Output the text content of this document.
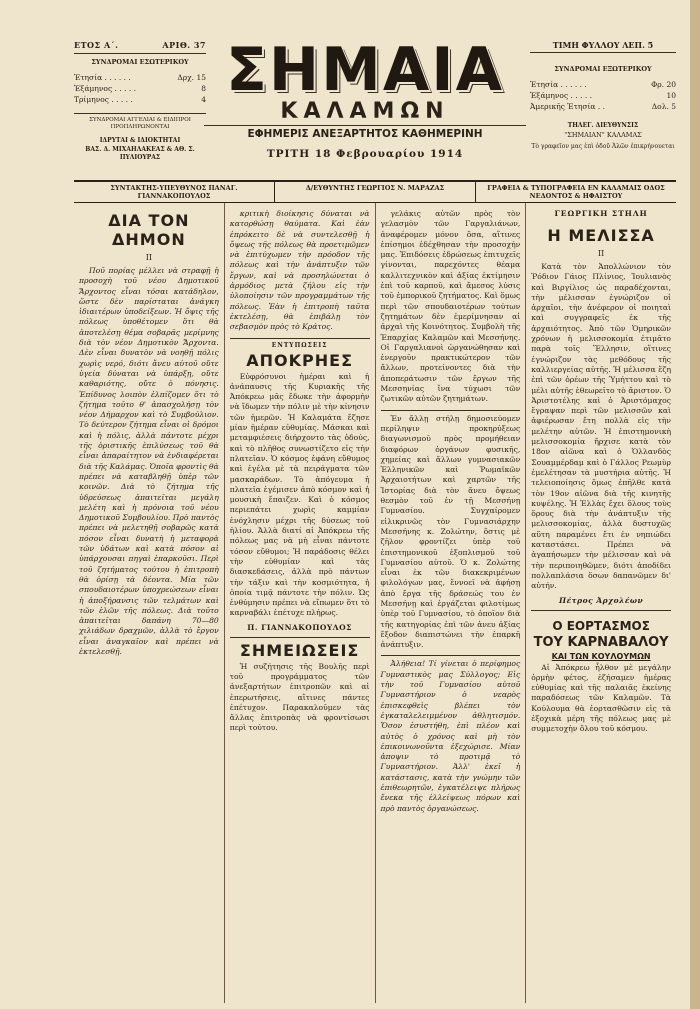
ΕΤΟΣ Α΄.	ΑΡΙΘ. 37
ΣΥΝΔΡΟΜΑΙ ΕΣΩΤΕΡΙΚΟΥ
Ἐτησία . . . . . .	Δρχ. 15
Ἑξάμηνος . . . . .	8
Τρίμηνος . . . . .	4
ΣΥΝΔΡΟΜΑΙ ΑΓΓΕΛΙΑΙ & ΕΙΔΙΠΡΟΙ ΠΡΟΠΛΗΡΩΝΟΝΤΑΙ
ΙΔΡΥΤΑΙ & ΙΔΙΟΚΤΗΤΑΙ
ΒΑΣ. Δ. ΜΙΧΑΗΛΑΚΕΑΣ & ΑΘ. Σ. ΠΥΛΙΟΥΡΑΣ
ΣΗΜΑΙΑ
ΚΑΛΑΜΩΝ
ΕΦΗΜΕΡΙΣ ΑΝΕΞΑΡΤΗΤΟΣ ΚΑΘΗΜΕΡΙΝΗ
ΤΡΙΤΗ 18 Φεβρουαρίου 1914
ΤΙΜΗ ΦΥΛΛΟΥ ΛΕΠ. 5
ΣΥΝΔΡΟΜΑΙ ΕΞΩΤΕΡΙΚΟΥ
Ἐτησία . . . . . .	Φρ. 20
Ἑξάμηνος . . . . .	10
Ἀμερικῆς Ἐτησία . .	Δολ. 5
ΤΗΛΕΓ. ΔΙΕΥΘΥΝΣΙΣ
"ΣΗΜΑΙΑΝ" ΚΑΛΑΜΑΣ
Τὸ γραφεῖον μας ἐπὶ ὁδοῦ Ἀλῶν ἐπικρήνουεται
ΣΥΝΤΑΚΤΗΣ-ΥΠΕΥΘΥΝΟΣ ΠΑΝΑΓ. ΓΙΑΝΝΑΚΟΠΟΥΛΟΣ
Δ/ΕΥΘΥΝΤΗΣ ΓΕΩΡΓΙΟΣ Ν. ΜΑΡΑΖΑΣ	ΓΡΑΦΕΙΑ & ΤΥΠΟΓΡΑΦΕΙΑ ΕΝ ΚΑΛΑΜΑΙΣ ΟΔΟΣ ΝΕΔΟΝΤΟΣ & ΗΦΑΙΣΤΟΥ
ΔΙΑ ΤΟΝ ΔΗΜΟΝ
II

Ποῦ πορίας μέλλει νὰ στραφῇ ἡ προσοχὴ τοῦ νέου Δημοτικοῦ Ἄρχοντος εἶναι τόσαι κατάδηλον, ὥστε δὲν παρίσταται ἀνάγκη ἰδιαιτέρων ὑποδείξεων. Ἡ ὄψις τῆς πόλεως ὑποθέτομεν ὅτι θὰ ἀποτελέσῃ θέμα σοβαρᾶς μερίμνης διὰ τὸν νέον Δημοτικὸν Ἄρχοντα. Δὲν εἶναι δυνατὸν νὰ νοηθῇ πόλις χωρὶς νερό, διότι ἄνευ αὐτοῦ οὔτε ὑγεία δύναται νὰ ὑπάρξῃ, οὔτε καθαριότης, οὔτε ὁ πόνησις. Ἐπίδυνος λοιπὸν ἐλπίζομεν ὅτι τὸ ζήτημα τοῦτο θ' ἀπασχολήσῃ τὸν νέον Δήμαρχον καὶ τὸ Συμβούλιον. Τὸ δεύτερον ζήτημα εἶναι οἱ δρόμοι καὶ ἡ πόλις, ἀλλὰ πάντοτε μέχρι τῆς ὁριστικῆς ἐπιλύσεως τοῦ θὰ εἶναι ἀπαραίτητον νὰ ἐνδιαφέρεται διὰ τῆς Καλάμας. Ὁποῖα φροντὶς θὰ πρέπει νὰ καταβληθῇ ὑπὲρ τῶν κοινῶν. Διὰ τὸ ζήτημα τῆς ὑδρεύσεως ἀπαιτεῖται μεγάλη μελέτη καὶ ἡ πρόνοια τοῦ νέου Δημοτικοῦ Συμβουλίου. Πρὸ παντὸς πρέπει νὰ μελετηθῇ σοβαρῶς κατὰ πόσον εἶναι δυνατὴ ἡ μεταφορὰ τῶν ὑδάτων καὶ κατὰ πόσον αἱ ὑπάρχουσαι πηγαὶ ἐπαρκοῦσι. Περὶ τοῦ ζητήματος τούτου ἡ ἐπιτροπὴ θὰ ὁρίσῃ τὰ δέοντα. Μία τῶν σπουδαιοτέρων ὑποχρεώσεων εἶναι ἡ ἀποξήρανσις τῶν τελμάτων καὶ τῶν ἑλῶν τῆς πόλεως. Διὰ τοῦτο ἀπαιτεῖται δαπάνη 70—80 χιλιάδων δραχμῶν, ἀλλὰ τὸ ἔργον εἶναι ἀναγκαῖον καὶ πρέπει νὰ ἐκτελεσθῇ.

κριτικὴ διοίκησις δύναται νὰ κατορθώσῃ θαύματα. Καὶ ἐὰν ἐπρόκειτο δὲ νὰ συντελεσθῇ ἡ ὄψεως τῆς πόλεως θὰ προετιμῶμεν νὰ ἐπιτύχωμεν τὴν πρόοδον τῆς πόλεως καὶ τὴν ἀνάπτυξιν τῶν ἔργων, καὶ νὰ προσηλώνεται ὁ ἀρμόδιος μετὰ ζήλου εἰς τὴν ὑλοποίησιν τῶν προγραμμάτων τῆς πόλεως. Ἐὰν ἡ ἐπιτροπὴ ταῦτα ἐκτελέσῃ, θὰ ἐπιβάλῃ τὸν σεβασμὸν πρὸς τὸ Κράτος.

ΕΝΤΥΠΩΣΕΙΣ
ΑΠΟΚΡΗΕΣ

Εὐφρόσυνοι ἠμέραι καὶ ἡ ἀνάπαυσις τῆς Κυριακῆς τῆς Ἀπόκρεω μᾶς ἔδωκε τὴν ἀφορμὴν νὰ ἴδωμεν τὴν πόλιν μὲ τὴν κίνησιν τῶν ἡμερῶν. Ἡ Καλαμάτα ἔζησε μίαν ἡμέραν εὐθυμίας. Μάσκαι καὶ μεταμφιέσεις διήρχοντο τὰς ὁδούς, καὶ τὸ πλῆθος συνωστίζετο εἰς τὴν πλατεῖαν. Ὁ κόσμος ἐφάνη εὔθυμος καὶ ἐγέλα μὲ τὰ πειράγματα τῶν μασκαράδων. Τὸ ἀπόγευμα ἡ πλατεῖα ἐγέμισεν ἀπὸ κόσμον καὶ ἡ μουσικὴ ἔπαιζεν. Καὶ ὁ κόσμος περιεπάτει χωρὶς καμμίαν ἐνόχλησιν μέχρι τῆς δύσεως τοῦ ἡλίου. Ἀλλὰ διατί αἱ Ἀπόκρεω τῆς πόλεως μας νὰ μὴ εἶναι πάντοτε τόσον εὔθυμοι; Ἡ παράδοσις θέλει τὴν εὐθυμίαν καὶ τὰς διασκεδάσεις, ἀλλὰ πρὸ πάντων τὴν τάξιν καὶ τὴν κοσμιότητα, ἡ ὁποία τιμᾷ πάντοτε τὴν πόλιν. Ὡς ἐνθύμησιν πρέπει νὰ εἴπωμεν ὅτι τὸ καρναβάλι ἐπέτυχε πλήρως.

Π. ΓΙΑΝΝΑΚΟΠΟΥΛΟΣ
ΣΗΜΕΙΩΣΕΙΣ

Ἡ συζήτησις τῆς Βουλῆς περὶ τοῦ προγράμματος τῶν ἀνεξαρτήτων ἐπιτροπῶν καὶ αἱ ἐπερωτήσεις, αἵτινες πάντες ἐπέτυχον. Παρακαλοῦμεν τὰς ἄλλας ἐπιτροπὰς νὰ φροντίσωσι περὶ τούτου.

γελάκις αὐτῶν πρὸς τὸν γελασμὸν τῶν Γαργαλιάνων, ἀναφέρομεν μόνον ὅσα, αἵτινες ἐπίσημοι ἐδέχθησαν τὴν προσοχήν μας. Ἐπιδόσεις ἐδρώσεως ἐπιτυχεῖς γίνονται, παρεχόντες θέαμα καλλιτεχνικὸν καὶ ἀξίας ἐκτίμησιν ἐπὶ τοῦ καρποῦ, καὶ ἄμεσος λύσις τοῦ ἐμπορικοῦ ζητήματος. Καὶ ὅμως περὶ τῶν σπουδαιοτέρων τούτων ζητημάτων δὲν ἐμερίμνησαν αἱ ἀρχαὶ τῆς Κοινότητος. Συμβολὴ τῆς Ἐπαρχίας Καλαμῶν καὶ Μεσσήνης. Οἱ Γαργαλιανοὶ ὡργανώθησαν καὶ ἐνεργοῦν πρακτικώτερον τῶν ἄλλων, προτείνοντες διὰ τὴν ἀποπεράτωσιν τῶν ἔργων τῆς Μεσσηνίας ἵνα τύχωσι τῶν ζωτικῶν αὐτῶν ζητημάτων.

Ἐν ἄλλῃ στήλῃ δημοσιεύομεν περίληψιν προκηρύξεως διαγωνισμοῦ πρὸς προμήθειαν διαφόρων ὀργάνων φυσικῆς, χημείας καὶ ἄλλων γυμνασιακῶν Ἐλληνικῶν καὶ Ῥωμαϊκῶν Ἀρχαιοτήτων καὶ χαρτῶν τῆς Ἱστορίας διὰ τὸν ἄνευ ὄψεως θεσμὸν τοῦ ἐν τῇ Μεσσήνῃ Γυμνασίου. Συγχαίρομεν εἰλικρινῶς τὸν Γυμνασιάρχην Μεσσήνης κ. Ζολώτην, ὅστις μὲ ζῆλον φροντίζει ὑπὲρ τοῦ ἐπιστημονικοῦ ἐξοπλισμοῦ τοῦ Γυμνασίου αὐτοῦ. Ὁ κ. Ζολώτης εἶναι ἐκ τῶν διακεκριμένων φιλολόγων μας, ἔννοεῖ νὰ ἀφήσῃ ἀπὸ ἔργα τῆς δράσεώς του ἐν Μεσσήνῃ καὶ ἐργάζεται φιλοτίμως ὑπὲρ τοῦ Γυμνασίου, τὸ ὁποῖον διὰ τῆς κατηγορίας ἐπὶ τῶν ἀνευ ἀξίας ἔξοδον διαπιστώνει τὴν ἐπαρκῆ ἀνάπτυξιν.

Ἀλήθεια! Τί γίνεται ὁ περίφημος Γυμναστικὸς μας Σύλλογος; Εἰς τὴν τοῦ Γυμνασίου αὐτοῦ Γυμναστήριον ὁ νεαρὸς ἐπισκεφθεὶς βλέπει τὸν ἐγκαταλελειμμένον ἀθλητισμόν. Ὅσον ἐσυστήθη, ἐπὶ πλέον καὶ αὐτὸς ὁ χρόνος καὶ μὴ τὸν ἐπικοινωνοῦντα ἐξεχώρισε. Μίαν ἀποψιν τὸ προτιμᾷ τὸ Γυμναστήριον. Ἀλλ' ἐκεῖ ἡ κατάστασις, κατὰ τὴν γνώμην τῶν ἐπιθεωρητῶν, ἐγκατέλειψε πλήρως ἕνεκα τῆς ἐλλείψεως πόρων καὶ πρὸ παντὸς ὀργανώσεως.

ΓΕΩΡΓΙΚΗ ΣΤΗΛΗ
Η ΜΕΛΙΣΣΑ
II

Κατὰ τὸν Ἀπολλώνιον τὸν Ῥόδιον Γάιος Πλίνιος, Ἰουλιανὸς καὶ Βιργίλιος ὡς παραδέχονται, τὴν μέλισσαν ἐγνώριζον οἱ ἀρχαῖοι, τὴν ἀνέφερον οἱ ποιηταὶ καὶ συγγραφεῖς ἐκ τῆς ἀρχαιότητος. Ἀπὸ τῶν Ὁμηρικῶν χρόνων ἡ μελισσοκομία ἐτιμᾶτο παρὰ τοῖς Ἕλλησιν, οἵτινες ἐγνώριζον τὰς μεθόδους τῆς καλλιεργείας αὐτῆς. Ἡ μέλισσα ἔζη ἐπὶ τῶν ὀρέων τῆς Ὑμήττου καὶ τὸ μέλι αὐτῆς ἐθεωρεῖτο τὸ ἄριστον. Ὁ Ἀριστοτέλης καὶ ὁ Ἀριστόμαχος ἔγραψαν περὶ τῶν μελισσῶν καὶ ἀφιέρωσαν ἔτη πολλὰ εἰς τὴν μελέτην αὐτῶν. Ἡ ἐπιστημονικὴ μελισσοκομία ἤρχισε κατὰ τὸν 18ον αἰῶνα καὶ ὁ Ὁλλανδὸς Σουαμμέρδαμ καὶ ὁ Γάλλος Ρεωμὺρ ἐμελέτησαν τὰ μυστήρια αὐτῆς. Ἡ τελειοποίησις ὅμως ἐπῆλθε κατὰ τὸν 19ον αἰῶνα διὰ τῆς κινητῆς κυψέλης. Ἡ Ἑλλὰς ἔχει ὅλους τοὺς ὅρους διὰ τὴν ἀνάπτυξιν τῆς μελισσοκομίας, ἀλλὰ δυστυχῶς αὕτη παραμένει ἔτι ἐν νηπιώδει καταστάσει. Πρέπει νὰ ἀγαπήσωμεν τὴν μέλισσαν καὶ νὰ τὴν περιποιηθῶμεν, διότι ἀποδίδει πολλαπλάσια ὅσων δαπανῶμεν δι' αὐτήν.

Πέτρος Ἀρχολέων
Ο ΕΟΡΤΑΣΜΟΣ
ΤΟΥ ΚΑΡΝΑΒΑΛΟΥ
ΚΑΙ ΤΩΝ ΚΟΥΛΟΥΜΩΝ

Αἱ Ἀπόκρεω ἦλθον μὲ μεγάλην ὀρμὴν φέτος, ἐζήσαμεν ἡμέρας εὐθυμίας καὶ τῆς παλαιᾶς ἐκείνης παραδόσεως τῶν Καλαμῶν. Τὰ Κούλουμα θὰ ἑορτασθῶσιν εἰς τὰ ἐξοχικὰ μέρη τῆς πόλεως μας μὲ συμμετοχὴν ὅλου τοῦ κόσμου.
